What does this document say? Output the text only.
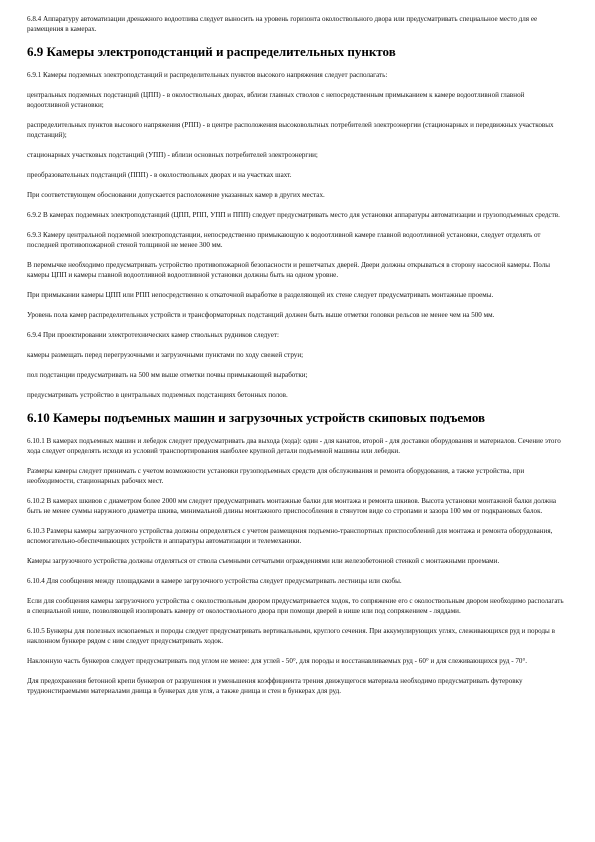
6.8.4 Аппаратуру автоматизации дренажного водоотлива следует выносить на уровень горизонта околоствольного двора или предусматривать специальное место для ее размещения в камерах.

6.9 Камеры электроподстанций и распределительных пунктов

6.9.1 Камеры подземных электроподстанций и распределительных пунктов высокого напряжения следует располагать:

центральных подземных подстанций (ЦПП) - в околоствольных дворах, вблизи главных стволов с непосредственным примыканием к камере водоотливной главной водоотливной установки;

распределительных пунктов высокого напряжения (РПП) - в центре расположения высоковольтных потребителей электроэнергии (стационарных и передвижных участковых подстанций);

стационарных участковых подстанций (УПП) - вблизи основных потребителей электроэнергии;

преобразовательных подстанций (ППП) - в околоствольных дворах и на участках шахт.

При соответствующем обосновании допускается расположение указанных камер в других местах.

6.9.2 В камерах подземных электроподстанций (ЦПП, РПП, УПП и ППП) следует предусматривать место для установки аппаратуры автоматизации и грузоподъемных средств.

6.9.3 Камеру центральной подземной электроподстанции, непосредственно примыкающую к водоотливной камере главной водоотливной установки, следует отделять от последней противопожарной стеной толщиной не менее 300 мм.

В перемычке необходимо предусматривать устройство противопожарной безопасности и решетчатых дверей. Двери должны открываться в сторону насосной камеры. Полы камеры ЦПП и камеры главной водоотливной водоотливной установки должны быть на одном уровне.

При примыкании камеры ЦПП или РПП непосредственно к откаточной выработке в разделяющей их стене следует предусматривать монтажные проемы.

Уровень пола камер распределительных устройств и трансформаторных подстанций должен быть выше отметки головки рельсов не менее чем на 500 мм.

6.9.4 При проектировании электротехнических камер ствольных рудников следует:

камеры размещать перед перегрузочными и загрузочными пунктами по ходу свежей струи;

пол подстанции предусматривать на 500 мм выше отметки почвы примыкающей выработки;

предусматривать устройство в центральных подземных подстанциях бетонных полов.

6.10 Камеры подъемных машин и загрузочных устройств скиповых подъемов

6.10.1 В камерах подъемных машин и лебедок следует предусматривать два выхода (хода): один - для канатов, второй - для доставки оборудования и материалов. Сечение этого хода следует определять исходя из условий транспортирования наиболее крупной детали подъемной машины или лебедки.

Размеры камеры следует принимать с учетом возможности установки грузоподъемных средств для обслуживания и ремонта оборудования, а также устройства, при необходимости, стационарных рабочих мест.

6.10.2 В камерах шкивов с диаметром более 2000 мм следует предусматривать монтажные балки для монтажа и ремонта шкивов. Высота установки монтажной балки должна быть не менее суммы наружного диаметра шкива, минимальной длины монтажного приспособления в стянутом виде со стропами и зазора 100 мм от подкрановых балок.

6.10.3 Размеры камеры загрузочного устройства должны определяться с учетом размещения подъемно-транспортных приспособлений для монтажа и ремонта оборудования, вспомогательно-обеспечивающих устройств и аппаратуры автоматизации и телемеханики.

Камеры загрузочного устройства должны отделяться от ствола съемными сетчатыми ограждениями или железобетонной стенкой с монтажными проемами.

6.10.4 Для сообщения между площадками в камере загрузочного устройства следует предусматривать лестницы или скобы.

Если для сообщения камеры загрузочного устройства с околоствольным двором предусматривается ходок, то сопряжение его с околоствольным двором необходимо располагать в специальной нише, позволяющей изолировать камеру от околоствольного двора при помощи дверей в нише или под сопряжением - ляддами.

6.10.5 Бункеры для полезных ископаемых и породы следует предусматривать вертикальными, круглого сечения. При аккумулирующих углях, слеживающихся руд и породы в наклонном бункере рядом с ним следует предусматривать ходок.

Наклонную часть бункеров следует предусматривать под углом не менее: для углей - 50°, для породы и восстанавливаемых руд - 60° и для слеживающихся руд - 70°.

Для предохранения бетонной крепи бункеров от разрушения и уменьшения коэффициента трения движущегося материала необходимо предусматривать футеровку труднонстираемыми материалами днища в бункерах для угля, а также днища и стен в бункерах для руд.
